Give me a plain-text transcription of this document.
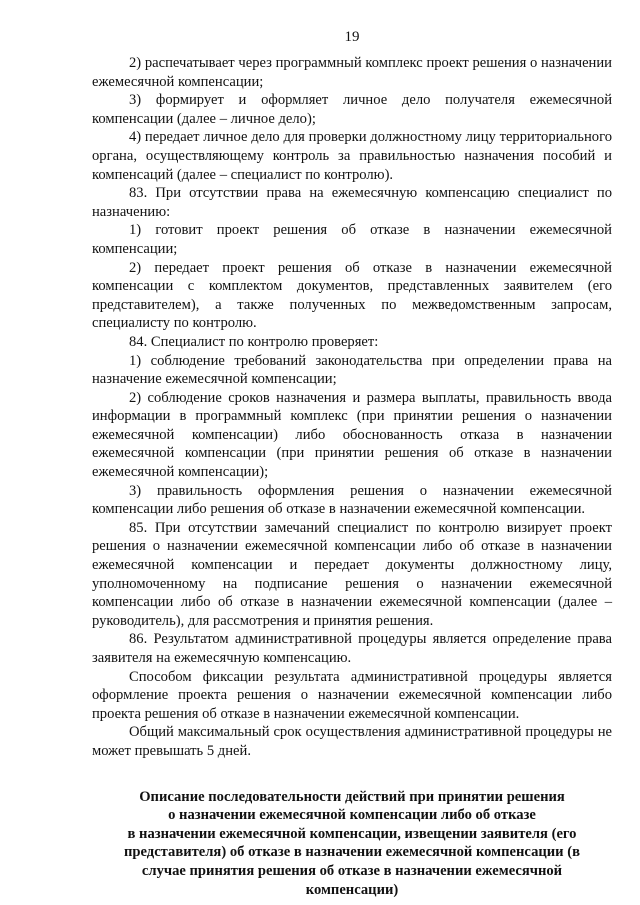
19

2) распечатывает через программный комплекс проект решения о назначении ежемесячной компенсации;

3) формирует и оформляет личное дело получателя ежемесячной компенсации (далее – личное дело);

4) передает личное дело для проверки должностному лицу территориального органа, осуществляющему контроль за правильностью назначения пособий и компенсаций (далее – специалист по контролю).

83. При отсутствии права на ежемесячную компенсацию специалист по назначению:

1) готовит проект решения об отказе в назначении ежемесячной компенсации;

2) передает проект решения об отказе в назначении ежемесячной компенсации с комплектом документов, представленных заявителем (его представителем), а также полученных по межведомственным запросам, специалисту по контролю.

84. Специалист по контролю проверяет:

1) соблюдение требований законодательства при определении права на назначение ежемесячной компенсации;

2) соблюдение сроков назначения и размера выплаты, правильность ввода информации в программный комплекс (при принятии решения о назначении ежемесячной компенсации) либо обоснованность отказа в назначении ежемесячной компенсации (при принятии решения об отказе в назначении ежемесячной компенсации);

3) правильность оформления решения о назначении ежемесячной компенсации либо решения об отказе в назначении ежемесячной компенсации.

85. При отсутствии замечаний специалист по контролю визирует проект решения о назначении ежемесячной компенсации либо об отказе в назначении ежемесячной компенсации и передает документы должностному лицу, уполномоченному на подписание решения о назначении ежемесячной компенсации либо об отказе в назначении ежемесячной компенсации (далее – руководитель), для рассмотрения и принятия решения.

86. Результатом административной процедуры является определение права заявителя на ежемесячную компенсацию.

Способом фиксации результата административной процедуры является оформление проекта решения о назначении ежемесячной компенсации либо проекта решения об отказе в назначении ежемесячной компенсации.

Общий максимальный срок осуществления административной процедуры не может превышать 5 дней.

Описание последовательности действий при принятии решения
о назначении ежемесячной компенсации либо об отказе
в назначении ежемесячной компенсации, извещении заявителя (его
представителя) об отказе в назначении ежемесячной компенсации (в
случае принятия решения об отказе в назначении ежемесячной
компенсации)
